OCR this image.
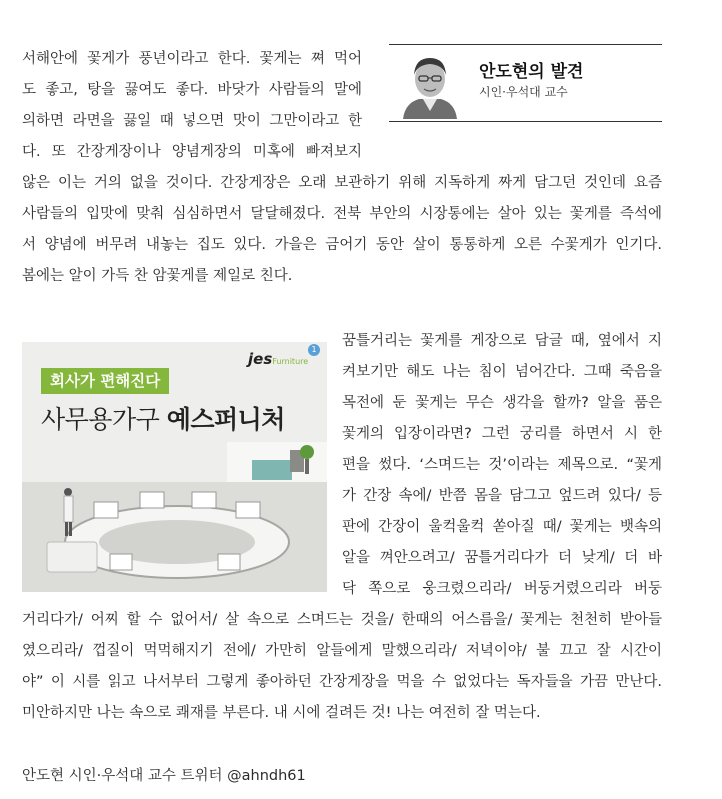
서해안에 꽃게가 풍년이라고 한다. 꽃게는 쪄 먹어
도 좋고, 탕을 끓여도 좋다. 바닷가 사람들의 말에
의하면 라면을 끓일 때 넣으면 맛이 그만이라고 한
다. 또 간장게장이나 양념게장의 미혹에 빠져보지
않은 이는 거의 없을 것이다. 간장게장은 오래 보관하기 위해 지독하게 짜게 담그던 것인데 요즘
사람들의 입맛에 맞춰 심심하면서 달달해졌다. 전북 부안의 시장통에는 살아 있는 꽃게를 즉석에
서 양념에 버무려 내놓는 집도 있다. 가을은 금어기 동안 살이 통통하게 오른 수꽃게가 인기다.
봄에는 알이 가득 찬 암꽃게를 제일로 친다.
안도현의 발견
시인·우석대 교수
1
jesFurniture
회사가 편해진다
사무용가구 예스퍼니처
꿈틀거리는 꽃게를 게장으로 담글 때, 옆에서 지
켜보기만 해도 나는 침이 넘어간다. 그때 죽음을
목전에 둔 꽃게는 무슨 생각을 할까? 알을 품은
꽃게의 입장이라면? 그런 궁리를 하면서 시 한
편을 썼다. ‘스며드는 것’이라는 제목으로. “꽃게
가 간장 속에/ 반쯤 몸을 담그고 엎드려 있다/ 등
판에 간장이 울컥울컥 쏟아질 때/ 꽃게는 뱃속의
알을 껴안으려고/ 꿈틀거리다가 더 낮게/ 더 바
닥 쪽으로 웅크렸으리라/ 버둥거렸으리라 버둥
거리다가/ 어찌 할 수 없어서/ 살 속으로 스며드는 것을/ 한때의 어스름을/ 꽃게는 천천히 받아들
였으리라/ 껍질이 먹먹해지기 전에/ 가만히 알들에게 말했으리라/ 저녁이야/ 불 끄고 잘 시간이
야” 이 시를 읽고 나서부터 그렇게 좋아하던 간장게장을 먹을 수 없었다는 독자들을 가끔 만난다.
미안하지만 나는 속으로 쾌재를 부른다. 내 시에 걸려든 것! 나는 여전히 잘 먹는다.
안도현 시인·우석대 교수 트위터 @ahndh61
